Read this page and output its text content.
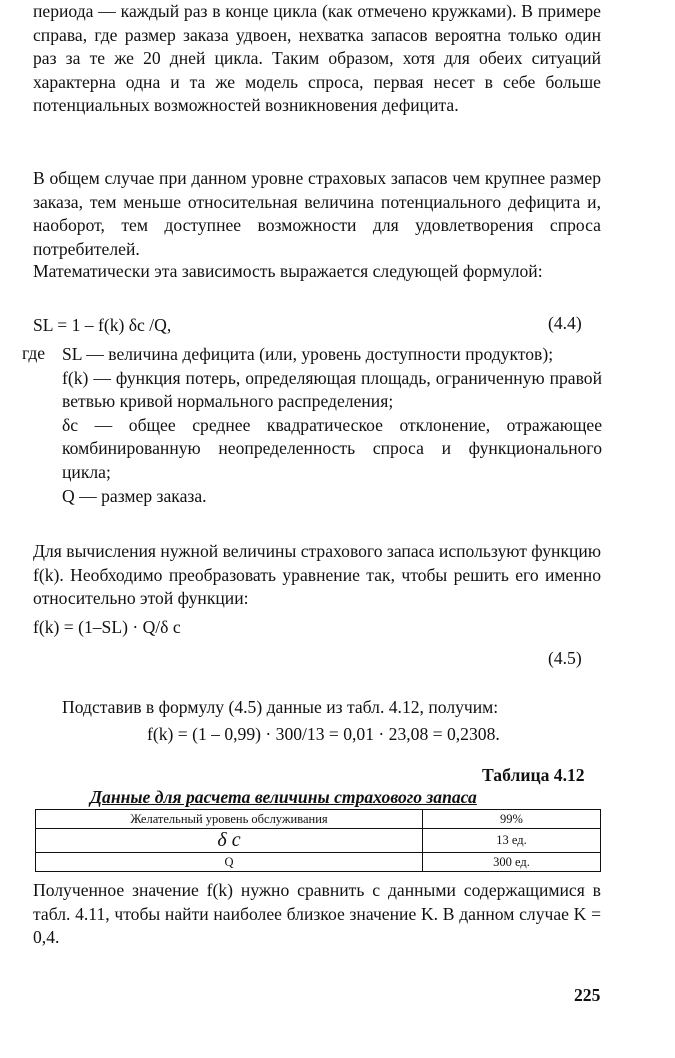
периода — каждый раз в конце цикла (как отмечено кружками). В примере справа, где размер заказа удвоен, нехватка запасов вероятна только один раз за те же 20 дней цикла. Таким образом, хотя для обеих ситуаций характерна одна и та же модель спроса, первая несет в себе больше потенциальных возможностей возникновения дефицита.

В общем случае при данном уровне страховых запасов чем крупнее размер заказа, тем меньше относительная величина потенциального дефицита и, наоборот, тем доступнее возможности для удовлетворения спроса потребителей.

Математически эта зависимость выражается следующей формулой:

SL = 1 – f(k) δc /Q,	(4.4)
где SL — величина дефицита (или, уровень доступности продуктов);

f(k) — функция потерь, определяющая площадь, ограниченную правой ветвью кривой нормального распределения;

δc — общее среднее квадратическое отклонение, отражающее комбинированную неопределенность спроса и функционального цикла;

Q — размер заказа.

Для вычисления нужной величины страхового запаса используют функцию f(k). Необходимо преобразовать уравнение так, чтобы решить его именно относительно этой функции:

f(k) = (1–SL) · Q/δ c
(4.5)
Подставив в формулу (4.5) данные из табл. 4.12, получим:
f(k) = (1 – 0,99) · 300/13 = 0,01 · 23,08 = 0,2308.
Таблица 4.12
Данные для расчета величины страхового запаса
Желательный уровень обслуживания	99%
δ c	13 ед.
Q	300 ед.

Полученное значение f(k) нужно сравнить с данными содержащимися в табл. 4.11, чтобы найти наиболее близкое значение K. В данном случае K = 0,4.

225
